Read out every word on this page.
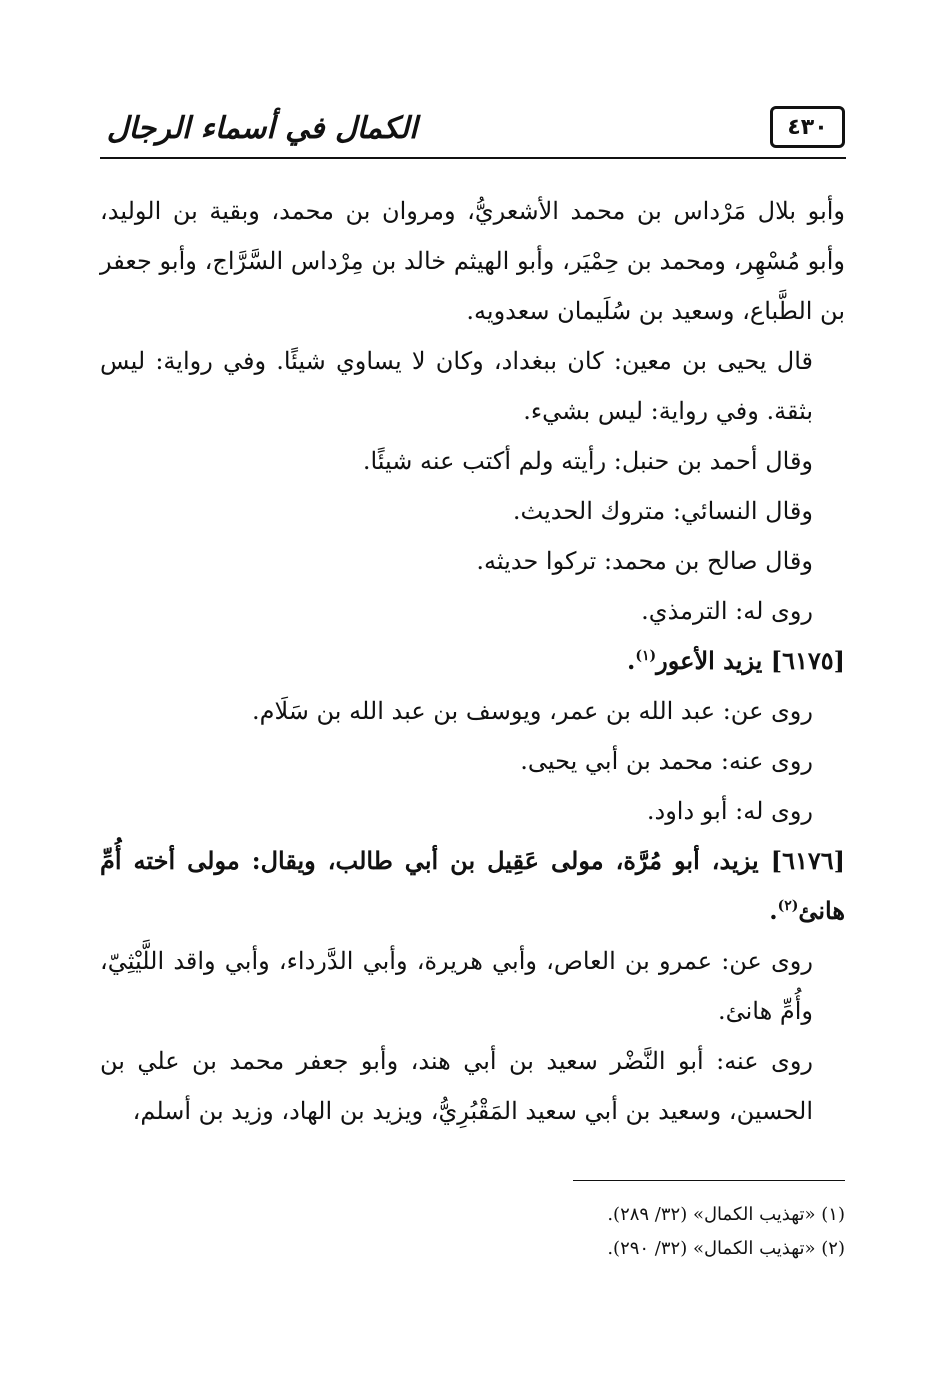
٤٣٠
الكمال في أسماء الرجال

وأبو بلال مَرْداس بن محمد الأشعريُّ، ومروان بن محمد، وبقية بن الوليد، وأبو مُسْهِر، ومحمد بن حِمْيَر، وأبو الهيثم خالد بن مِرْداس السَّرَّاج، وأبو جعفر بن الطَّباع، وسعيد بن سُلَيمان سعدويه.

قال يحيى بن معين: كان ببغداد، وكان لا يساوي شيئًا. وفي رواية: ليس بثقة. وفي رواية: ليس بشيء.

وقال أحمد بن حنبل: رأيته ولم أكتب عنه شيئًا.

وقال النسائي: متروك الحديث.

وقال صالح بن محمد: تركوا حديثه.

روى له: الترمذي.

[٦١٧٥] يزيد الأعور$^{(١)}$.

روى عن: عبد الله بن عمر، ويوسف بن عبد الله بن سَلَام.

روى عنه: محمد بن أبي يحيى.

روى له: أبو داود.

[٦١٧٦] يزيد، أبو مُرَّة، مولى عَقِيل بن أبي طالب، ويقال: مولى أخته أُمِّ هانئ$^{(٢)}$.

روى عن: عمرو بن العاص، وأبي هريرة، وأبي الدَّرداء، وأبي واقد اللَّيْثِيّ، وأُمِّ هانئ.

روى عنه: أبو النَّضْر سعيد بن أبي هند، وأبو جعفر محمد بن علي بن الحسين، وسعيد بن أبي سعيد المَقْبُرِيُّ، ويزيد بن الهاد، وزيد بن أسلم،

(١) «تهذيب الكمال» (٣٢/ ٢٨٩).

(٢) «تهذيب الكمال» (٣٢/ ٢٩٠).
